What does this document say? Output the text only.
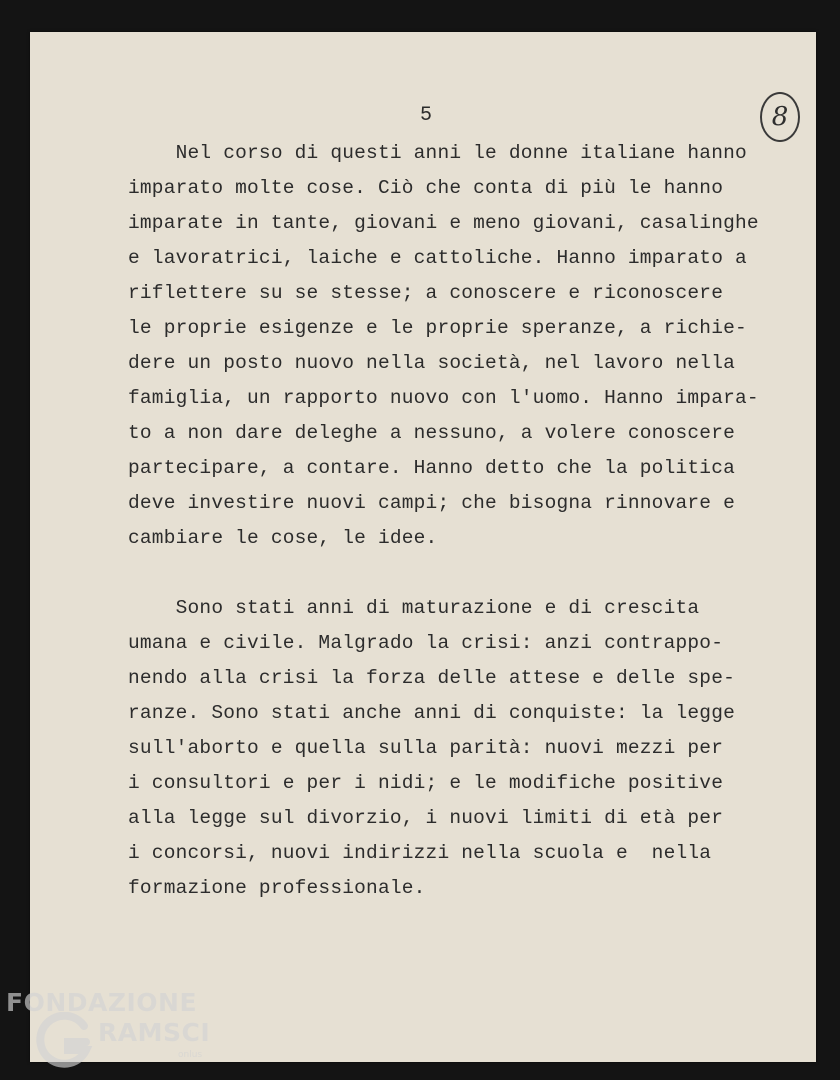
5	8
Nel corso di questi anni le donne italiane hanno
imparato molte cose. Ciò che conta di più le hanno
imparate in tante, giovani e meno giovani, casalinghe
e lavoratrici, laiche e cattoliche. Hanno imparato a
riflettere su se stesse; a conoscere e riconoscere
le proprie esigenze e le proprie speranze, a richie-
dere un posto nuovo nella società, nel lavoro nella
famiglia, un rapporto nuovo con l'uomo. Hanno impara-
to a non dare deleghe a nessuno, a volere conoscere
partecipare, a contare. Hanno detto che la politica
deve investire nuovi campi; che bisogna rinnovare e
cambiare le cose, le idee.
Sono stati anni di maturazione e di crescita
umana e civile. Malgrado la crisi: anzi contrappo-
nendo alla crisi la forza delle attese e delle spe-
ranze. Sono stati anche anni di conquiste: la legge
sull'aborto e quella sulla parità: nuovi mezzi per
i consultori e per i nidi; e le modifiche positive
alla legge sul divorzio, i nuovi limiti di età per
i concorsi, nuovi indirizzi nella scuola e  nella
formazione professionale.
FONDAZIONE
RAMSCI
onlus
